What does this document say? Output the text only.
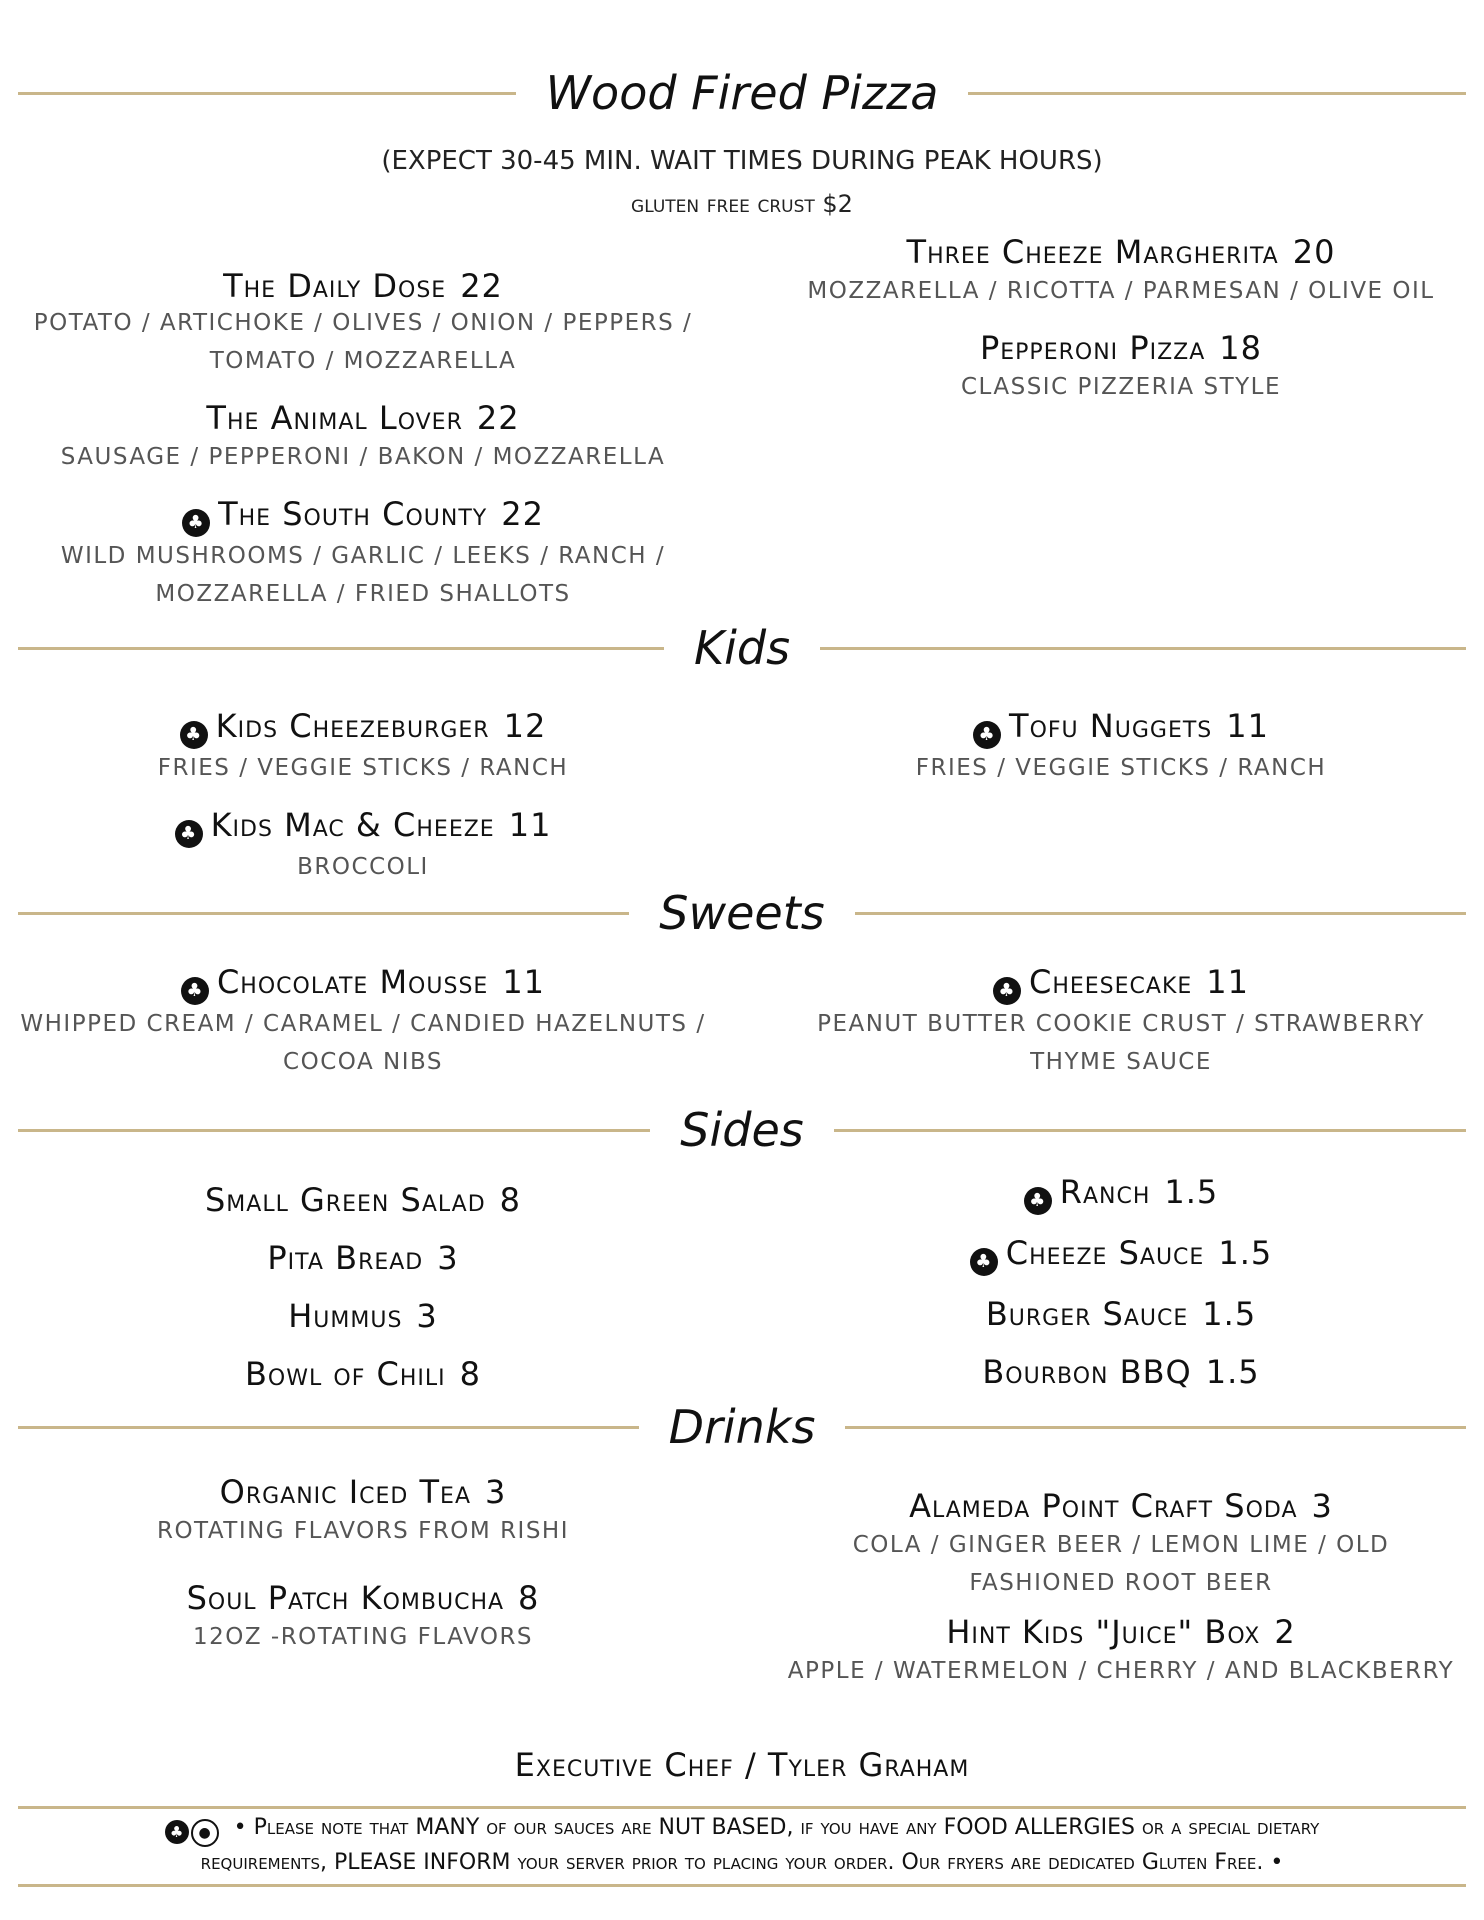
Wood Fired Pizza
(EXPECT 30-45 MIN. WAIT TIMES DURING PEAK HOURS)
gluten free crust $2
The Daily Dose 22
POTATO / ARTICHOKE / OLIVES / ONION / PEPPERS / TOMATO / MOZZARELLA
The Animal Lover 22
SAUSAGE / PEPPERONI / BAKON / MOZZARELLA
♣ The South County 22
WILD MUSHROOMS / GARLIC / LEEKS / RANCH / MOZZARELLA / FRIED SHALLOTS
Three Cheeze Margherita 20
MOZZARELLA / RICOTTA / PARMESAN / OLIVE OIL
Pepperoni Pizza 18
CLASSIC PIZZERIA STYLE
Kids
♣ Kids Cheezeburger 12
FRIES / VEGGIE STICKS / RANCH
♣ Kids Mac & Cheeze 11
BROCCOLI
♣ Tofu Nuggets 11
FRIES / VEGGIE STICKS / RANCH
Sweets
♣ Chocolate Mousse 11
WHIPPED CREAM / CARAMEL / CANDIED HAZELNUTS / COCOA NIBS
♣ Cheesecake 11
PEANUT BUTTER COOKIE CRUST / STRAWBERRY THYME SAUCE
Sides
Small Green Salad 8
Pita Bread 3
Hummus 3
Bowl of Chili 8
♣ Ranch 1.5
♣ Cheeze Sauce 1.5
Burger Sauce 1.5
Bourbon BBQ 1.5
Drinks
Organic Iced Tea 3
ROTATING FLAVORS FROM RISHI
Soul Patch Kombucha 8
12OZ -ROTATING FLAVORS
Alameda Point Craft Soda 3
COLA / GINGER BEER / LEMON LIME / OLD FASHIONED ROOT BEER
Hint Kids "Juice" Box 2
APPLE / WATERMELON / CHERRY / AND BLACKBERRY
Executive Chef / Tyler Graham
♣ ● • Please note that MANY of our sauces are NUT BASED, if you have any FOOD ALLERGIES or a special dietary
requirements, PLEASE INFORM your server prior to placing your order. Our fryers are dedicated Gluten Free. •
